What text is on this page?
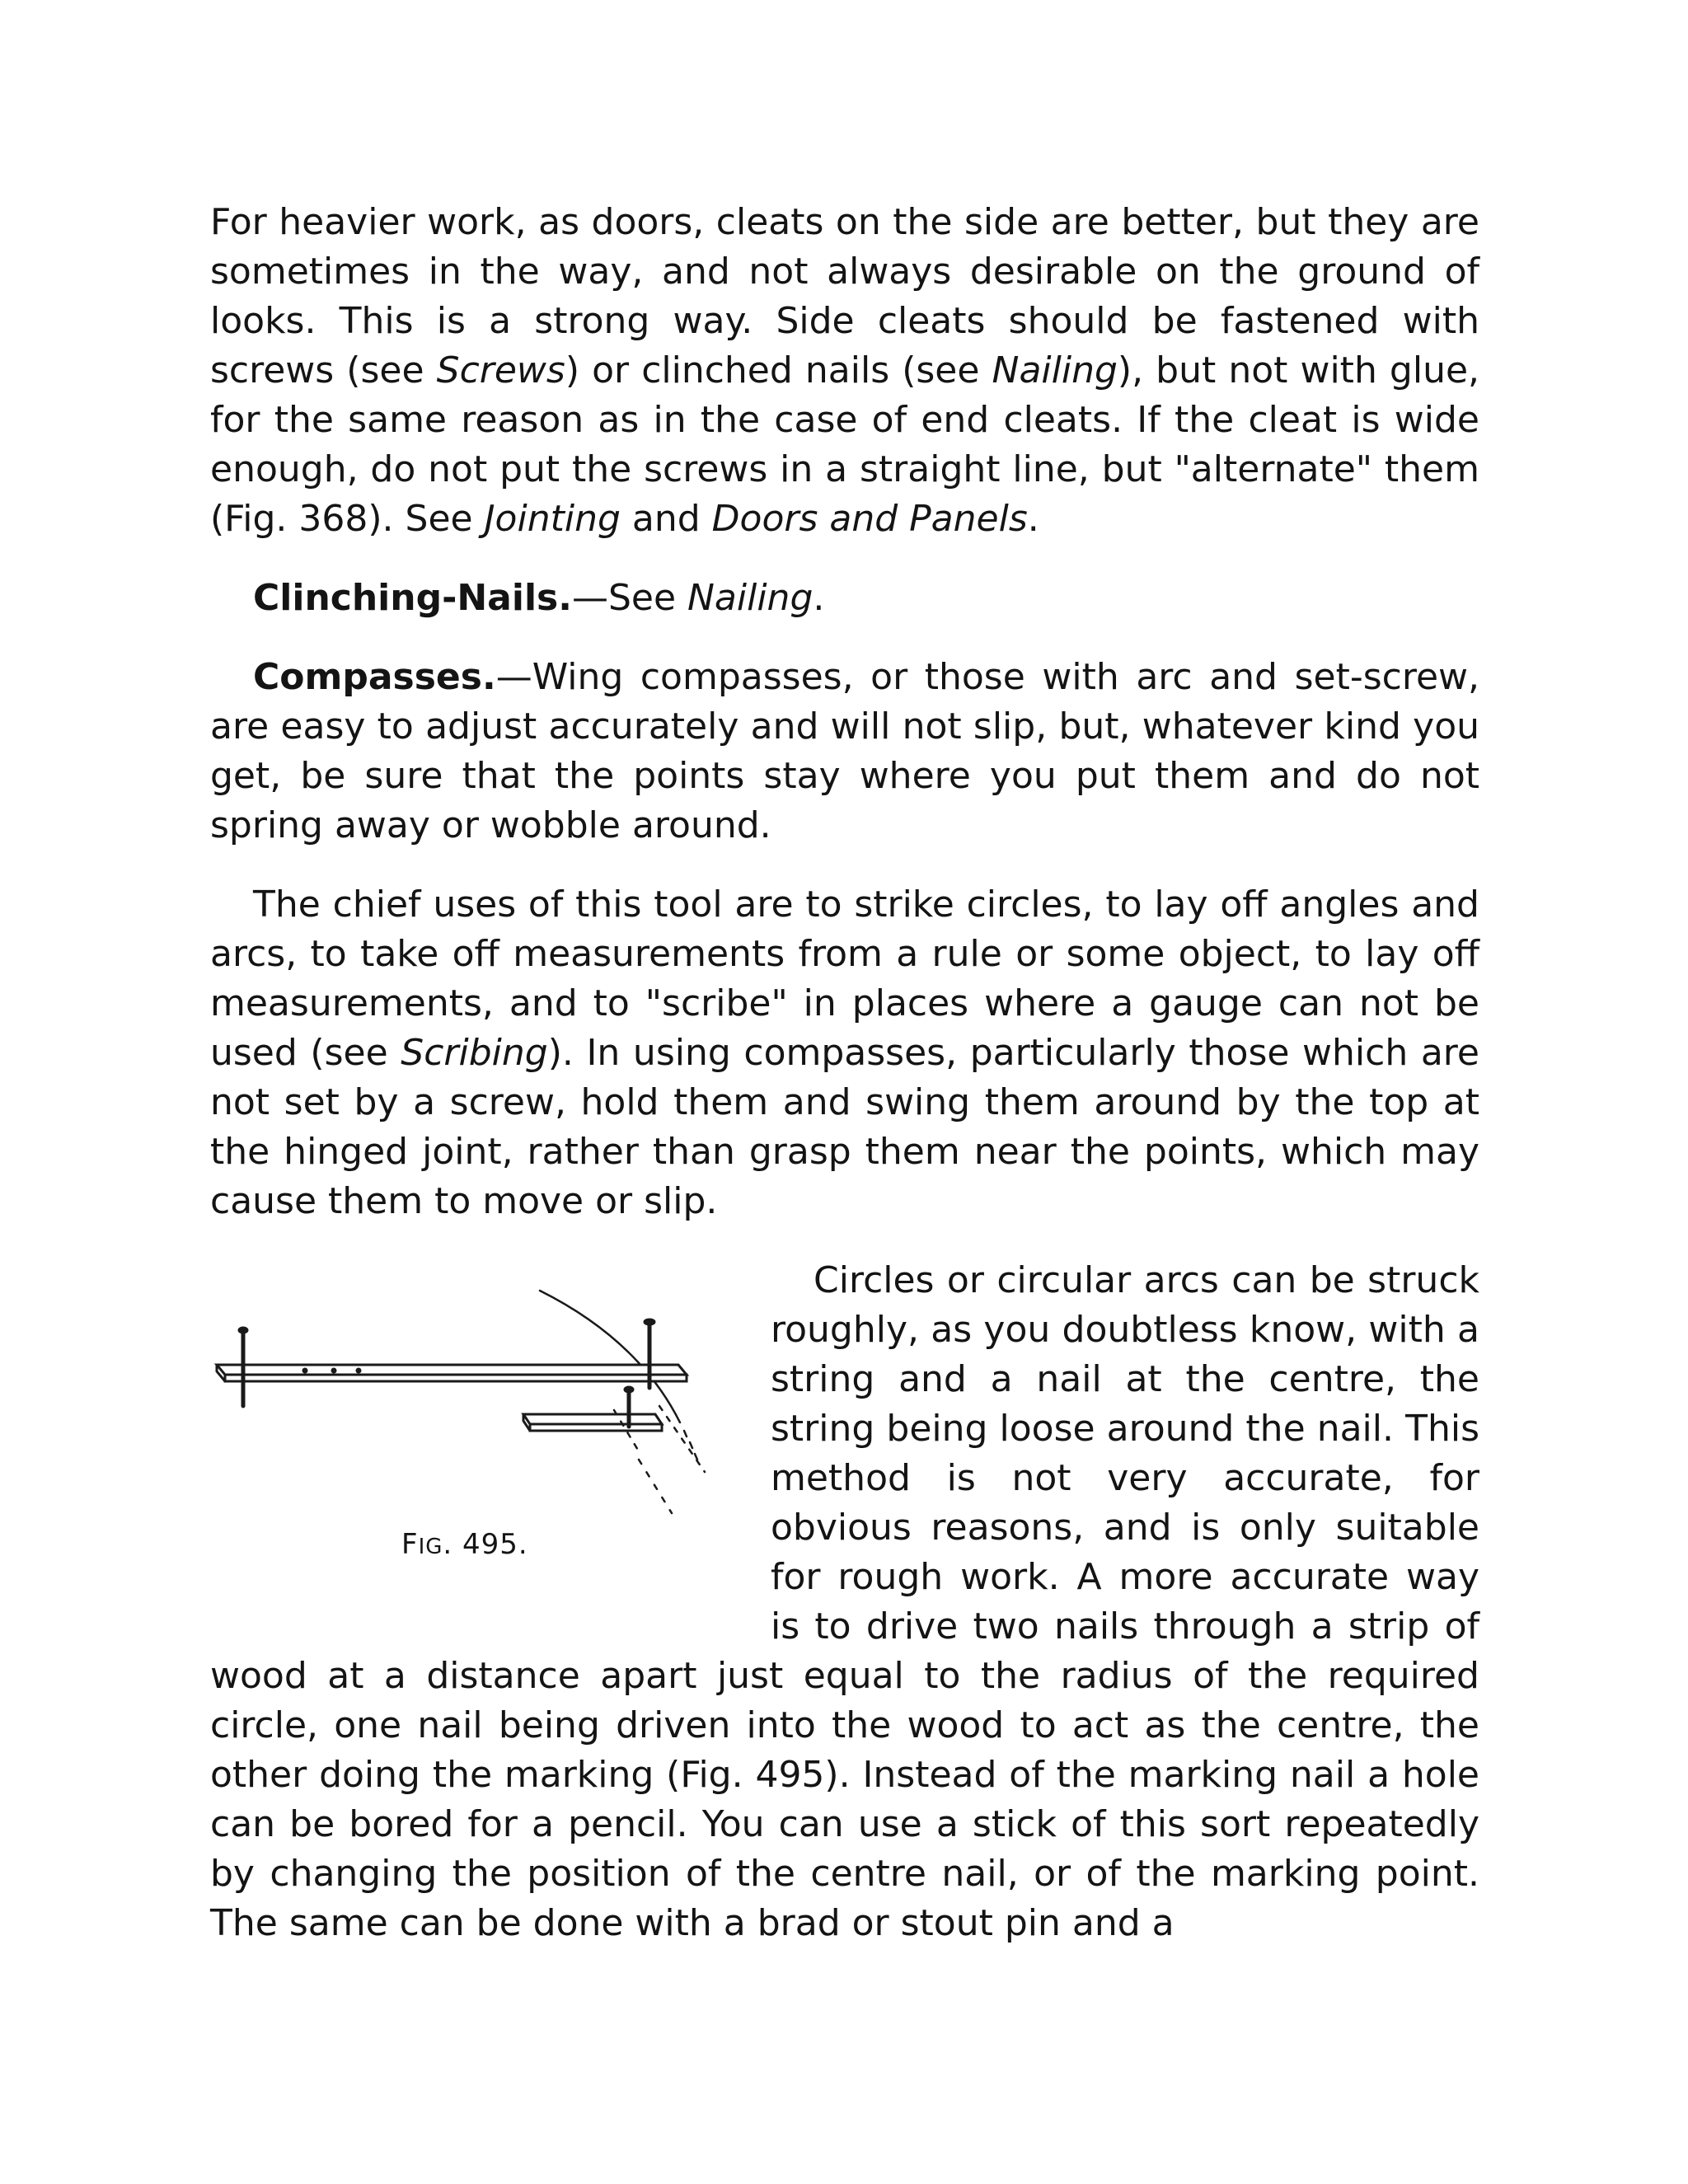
For heavier work, as doors, cleats on the side are better, but they are sometimes in the way, and not always desirable on the ground of looks. This is a strong way. Side cleats should be fastened with screws (see Screws) or clinched nails (see Nailing), but not with glue, for the same reason as in the case of end cleats. If the cleat is wide enough, do not put the screws in a straight line, but "alternate" them (Fig. 368). See Jointing and Doors and Panels.

Clinching-Nails.—See Nailing.

Compasses.—Wing compasses, or those with arc and set-screw, are easy to adjust accurately and will not slip, but, whatever kind you get, be sure that the points stay where you put them and do not spring away or wobble around.

The chief uses of this tool are to strike circles, to lay off angles and arcs, to take off measurements from a rule or some object, to lay off measurements, and to "scribe" in places where a gauge can not be used (see Scribing). In using compasses, particularly those which are not set by a screw, hold them and swing them around by the top at the hinged joint, rather than grasp them near the points, which may cause them to move or slip.

FIG. 495.

Circles or circular arcs can be struck roughly, as you doubtless know, with a string and a nail at the centre, the string being loose around the nail. This method is not very accurate, for obvious reasons, and is only suitable for rough work. A more accurate way is to drive two nails through a strip of wood at a distance apart just equal to the radius of the required circle, one nail being driven into the wood to act as the centre, the other doing the marking (Fig. 495). Instead of the marking nail a hole can be bored for a pencil. You can use a stick of this sort repeatedly by changing the position of the centre nail, or of the marking point. The same can be done with a brad or stout pin and a
